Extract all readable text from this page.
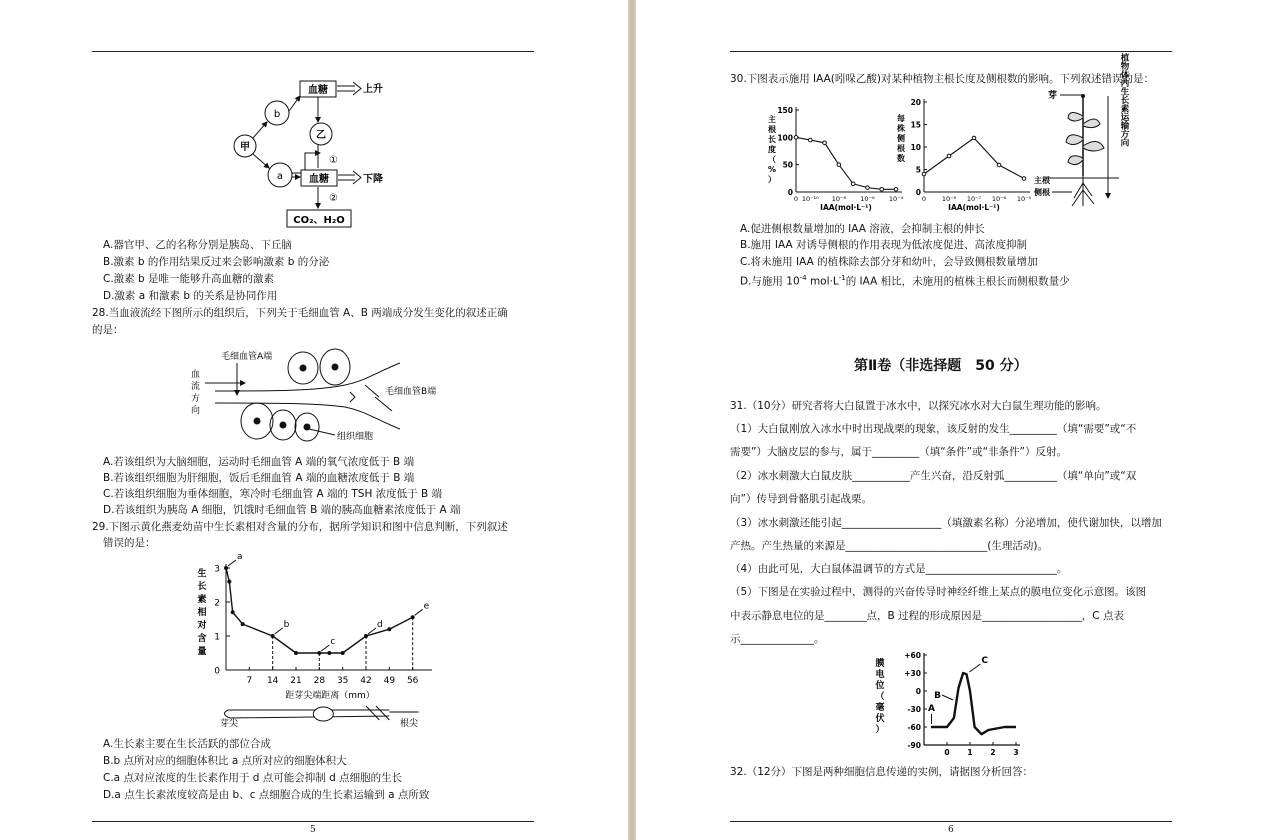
血糖	上升
b
乙
甲
a
①
血糖	下降
②
CO₂、H₂O
A.器官甲、乙的名称分别是胰岛、下丘脑
B.激素 b 的作用结果反过来会影响激素 b 的分泌
C.激素 b 是唯一能够升高血糖的激素
D.激素 a 和激素 b 的关系是协同作用
28.当血液流经下图所示的组织后，下列关于毛细血管 A、B 两端成分发生变化的叙述正确
的是：
毛细血管A端
血
流
方
向
毛细血管B端
组织细胞
A.若该组织为大脑细胞，运动时毛细血管 A 端的氧气浓度低于 B 端
B.若该组织细胞为肝细胞，饭后毛细血管 A 端的血糖浓度低于 B 端
C.若该组织细胞为垂体细胞，寒冷时毛细血管 A 端的 TSH 浓度低于 B 端
D.若该组织为胰岛 A 细胞，饥饿时毛细血管 B 端的胰高血糖素浓度低于 A 端
29.下图示黄化燕麦幼苗中生长素相对含量的分布，据所学知识和图中信息判断，下列叙述
错误的是：
生
长
素
相
对
含
量
0
1
2
3
7 14 21 28 35 42 49 56
距芽尖端距离（mm）
a
b
c
d
e
芽尖	根尖
A.生长素主要在生长活跃的部位合成
B.b 点所对应的细胞体积比 a 点所对应的细胞体积大
C.a 点对应浓度的生长素作用于 d 点可能会抑制 d 点细胞的生长
D.a 点生长素浓度较高是由 b、c 点细胞合成的生长素运输到 a 点所致
5
30.下图表示施用 IAA(吲哚乙酸)对某种植物主根长度及侧根数的影响。下列叙述错误的是：
主
根
长
度
（
%
）
0
50
100
150
0 10⁻¹⁰ 10⁻⁸ 10⁻⁶ 10⁻⁴
IAA(mol·L⁻¹)
每
株
侧
根
数
0
5
10
15
20
0 10⁻⁸ 10⁻⁷ 10⁻⁶ 10⁻⁵
IAA(mol·L⁻¹)
芽
主根
侧根
植物体内生长素运输方向
A.促进侧根数量增加的 IAA 溶液，会抑制主根的伸长
B.施用 IAA 对诱导侧根的作用表现为低浓度促进、高浓度抑制
C.将未施用 IAA 的植株除去部分芽和幼叶，会导致侧根数量增加
D.与施用 $10^{-4}$ $mol\cdot L^{-1}$的 IAA 相比，未施用的植株主根长而侧根数量少
第Ⅱ卷（非选择题　50 分）
31.（10分）研究者将大白鼠置于冰水中，以探究冰水对大白鼠生理功能的影响。
（1）大白鼠刚放入冰水中时出现战栗的现象，该反射的发生_________（填“需要”或“不
需要”）大脑皮层的参与，属于_________（填“条件”或“非条件”）反射。
（2）冰水刺激大白鼠皮肤___________产生兴奋，沿反射弧__________（填“单向”或“双
向”）传导到骨骼肌引起战栗。
（3）冰水刺激还能引起___________________（填激素名称）分泌增加，使代谢加快，以增加
产热。产生热量的来源是___________________________(生理活动)。
（4）由此可见，大白鼠体温调节的方式是_________________________。
（5）下图是在实验过程中，测得的兴奋传导时神经纤维上某点的膜电位变化示意图。该图
中表示静息电位的是________点，B 过程的形成原因是___________________，C 点表
示______________。
膜
电
位
（
毫
伏
）
+60
+30
0
-30
-60
-90
0 1 2 3
A
B
C
32.（12分）下图是两种细胞信息传递的实例，请据图分析回答：
6
